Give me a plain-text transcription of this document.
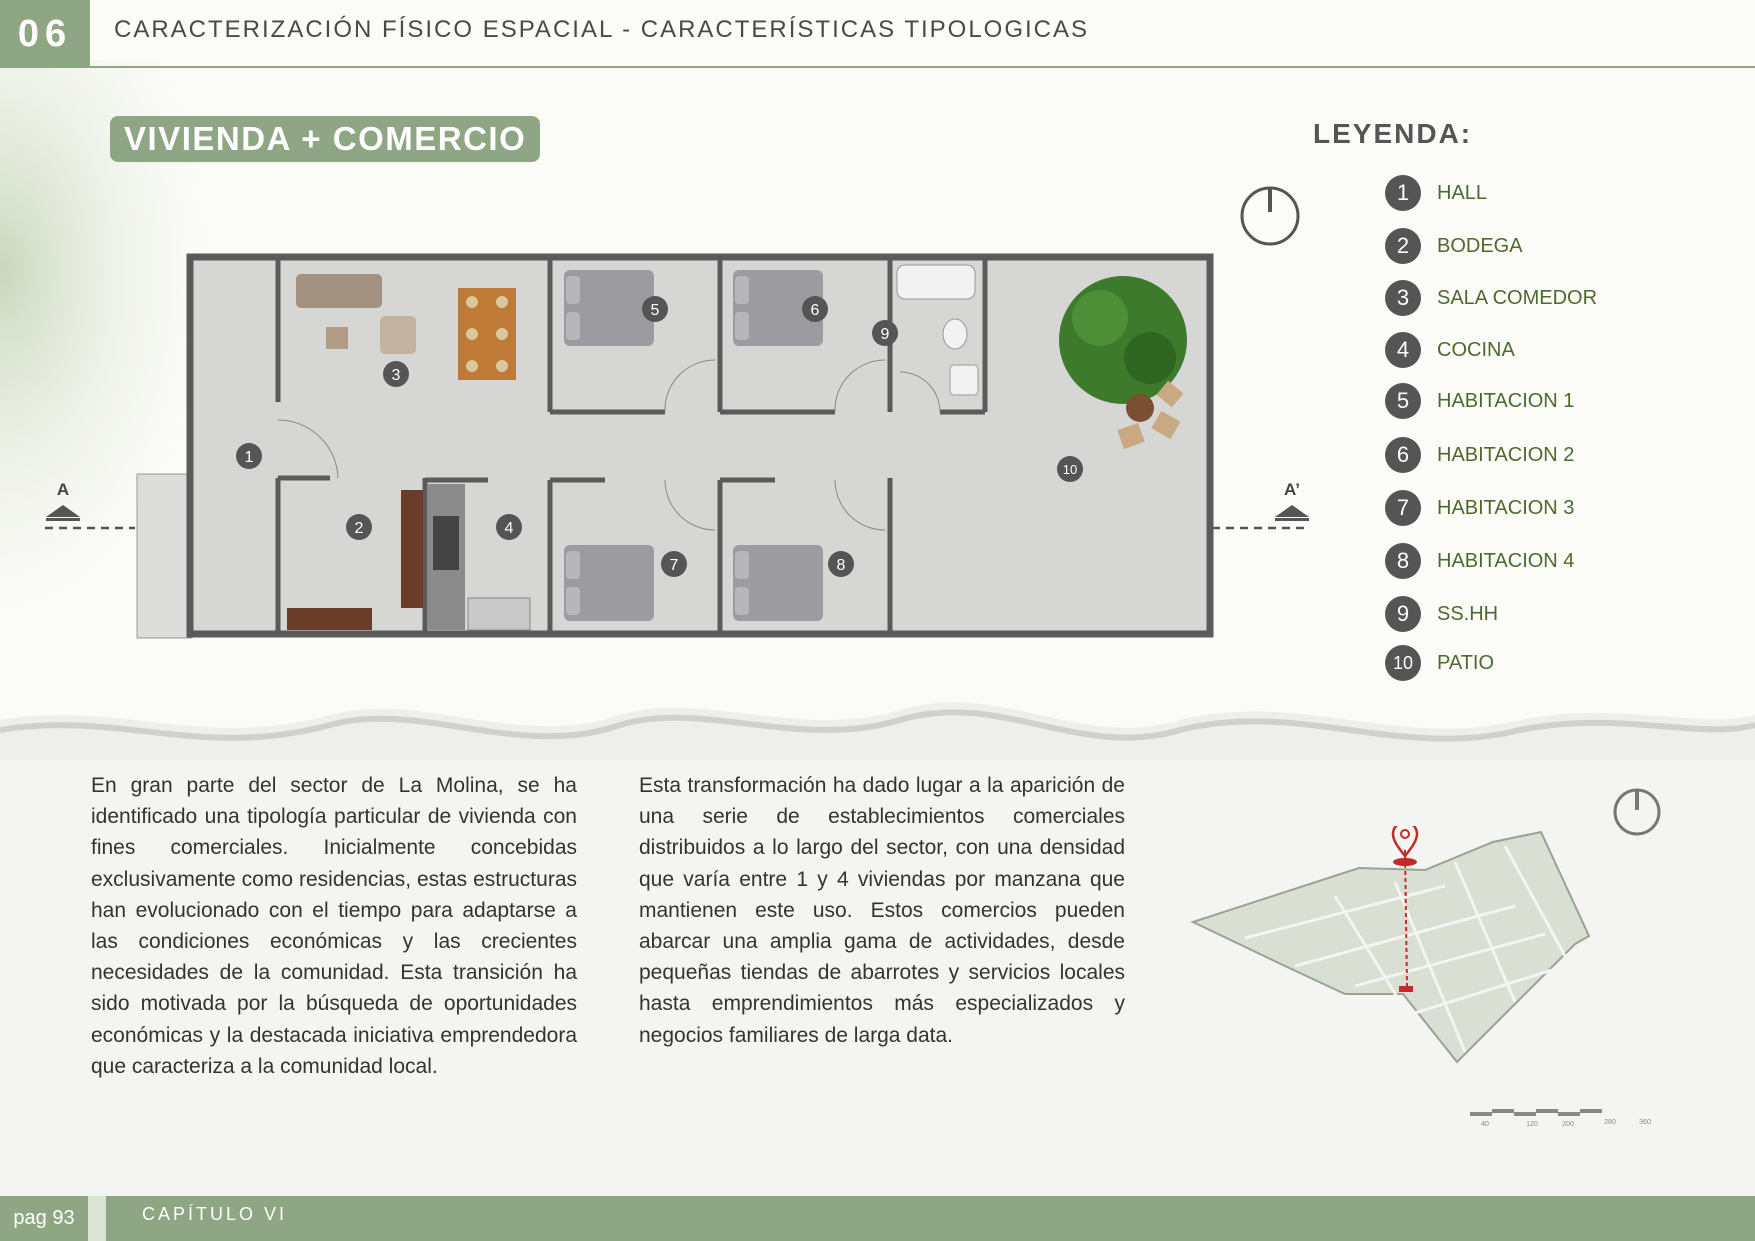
06	CARACTERIZACIÓN FÍSICO ESPACIAL - CARACTERÍSTICAS TIPOLOGICAS
VIVIENDA + COMERCIO
A	A’
1
2
3
4
5	6
7	8
9
10
LEYENDA:
1	HALL
2	BODEGA
3	SALA COMEDOR
4	COCINA
5	HABITACION 1
6	HABITACION 2
7	HABITACION 3
8	HABITACION 4
9	SS.HH
10	PATIO
En gran parte del sector de La Molina, se ha identificado una tipología particular de vivienda con fines comerciales. Inicialmente concebidas exclusivamente como residencias, estas estructuras han evolucionado con el tiempo para adaptarse a las condiciones económicas y las crecientes necesidades de la comunidad. Esta transición ha sido motivada por la búsqueda de oportunidades económicas y la destacada iniciativa emprendedora que caracteriza a la comunidad local.
Esta transformación ha dado lugar a la aparición de una serie de establecimientos comerciales distribuidos a lo largo del sector, con una densidad que varía entre 1 y 4 viviendas por manzana que mantienen este uso. Estos comercios pueden abarcar una amplia gama de actividades, desde pequeñas tiendas de abarrotes y servicios locales hasta emprendimientos más especializados y negocios familiares de larga data.
40	120	200	280	360
pag 93	CAPÍTULO VI
